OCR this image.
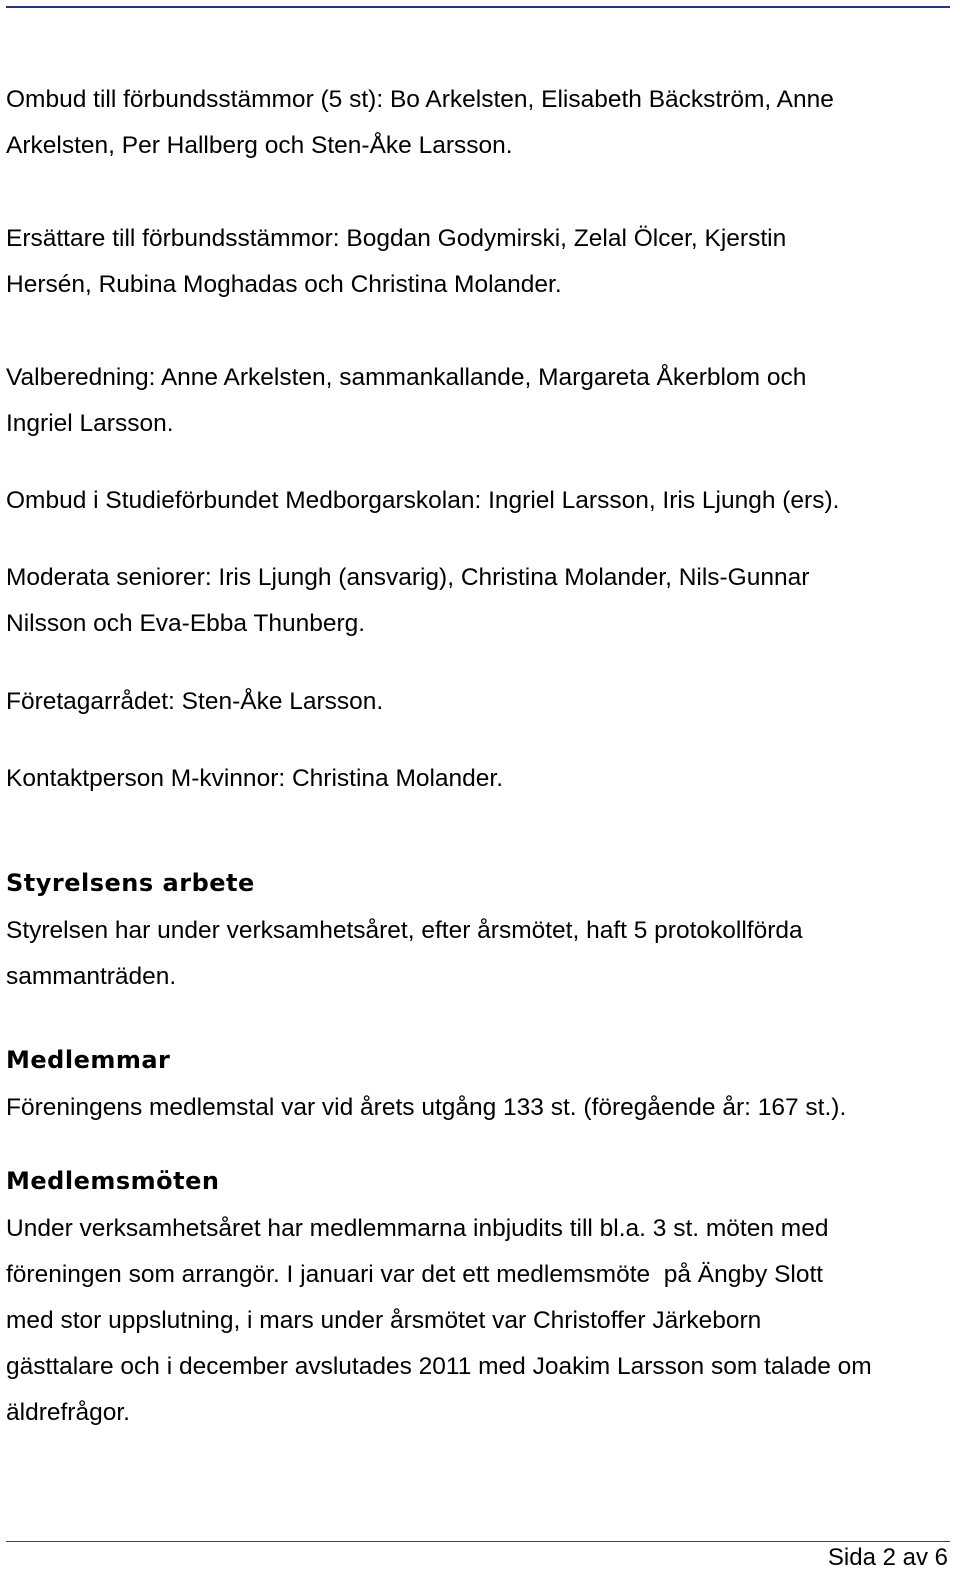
Ombud till förbundsstämmor (5 st): Bo Arkelsten, Elisabeth Bäckström, Anne
Arkelsten, Per Hallberg och Sten-Åke Larsson.

Ersättare till förbundsstämmor: Bogdan Godymirski, Zelal Ölcer, Kjerstin
Hersén, Rubina Moghadas och Christina Molander.

Valberedning: Anne Arkelsten, sammankallande, Margareta Åkerblom och
Ingriel Larsson.

Ombud i Studieförbundet Medborgarskolan: Ingriel Larsson, Iris Ljungh (ers).

Moderata seniorer: Iris Ljungh (ansvarig), Christina Molander, Nils-Gunnar
Nilsson och Eva-Ebba Thunberg.

Företagarrådet: Sten-Åke Larsson.

Kontaktperson M-kvinnor: Christina Molander.

Styrelsens arbete

Styrelsen har under verksamhetsåret, efter årsmötet, haft 5 protokollförda
sammanträden.

Medlemmar

Föreningens medlemstal var vid årets utgång 133 st. (föregående år: 167 st.).

Medlemsmöten

Under verksamhetsåret har medlemmarna inbjudits till bl.a. 3 st. möten med
föreningen som arrangör. I januari var det ett medlemsmöte  på Ängby Slott
med stor uppslutning, i mars under årsmötet var Christoffer Järkeborn
gästtalare och i december avslutades 2011 med Joakim Larsson som talade om
äldrefrågor.

Sida 2 av 6
